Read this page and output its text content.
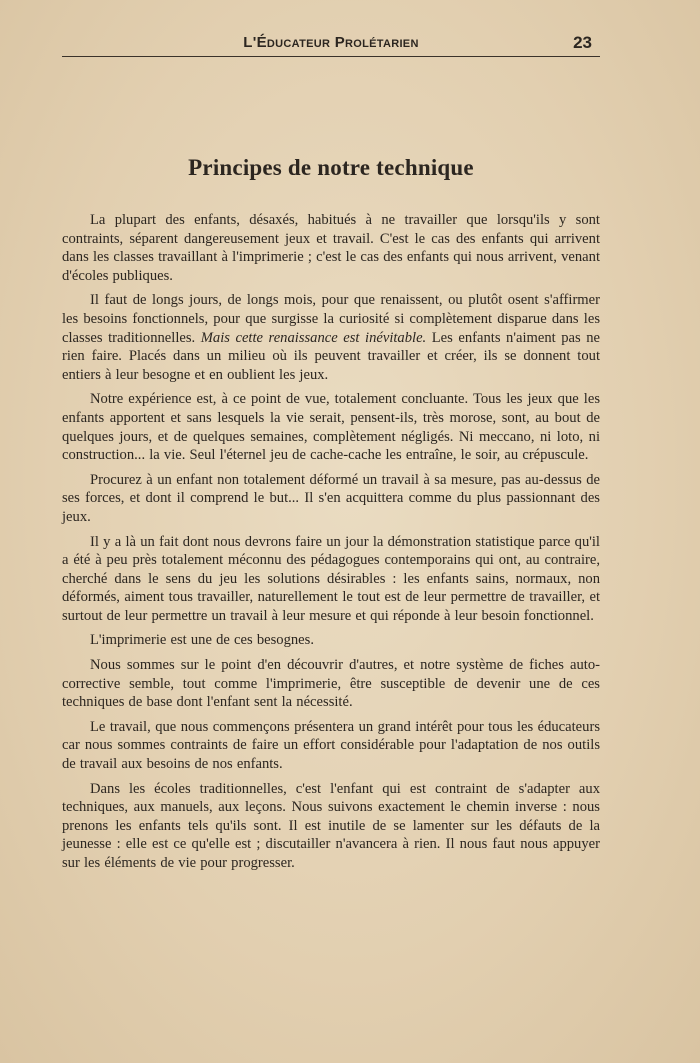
L'Éducateur Prolétarien	23
Principes de notre technique

La plupart des enfants, désaxés, habitués à ne travailler que lorsqu'ils y sont contraints, séparent dangereusement jeux et travail. C'est le cas des enfants qui arrivent dans les classes travaillant à l'imprimerie ; c'est le cas des enfants qui nous arrivent, venant d'écoles publiques.

Il faut de longs jours, de longs mois, pour que renaissent, ou plutôt osent s'affirmer les besoins fonctionnels, pour que surgisse la curiosité si complètement disparue dans les classes traditionnelles. Mais cette renaissance est inévitable. Les enfants n'aiment pas ne rien faire. Placés dans un milieu où ils peuvent travailler et créer, ils se donnent tout entiers à leur besogne et en oublient les jeux.

Notre expérience est, à ce point de vue, totalement concluante. Tous les jeux que les enfants apportent et sans lesquels la vie serait, pensent-ils, très morose, sont, au bout de quelques jours, et de quelques semaines, complètement négligés. Ni meccano, ni loto, ni construction... la vie. Seul l'éternel jeu de cache-cache les entraîne, le soir, au crépuscule.

Procurez à un enfant non totalement déformé un travail à sa mesure, pas au-dessus de ses forces, et dont il comprend le but... Il s'en acquittera comme du plus passionnant des jeux.

Il y a là un fait dont nous devrons faire un jour la démonstration statistique parce qu'il a été à peu près totalement méconnu des pédagogues contemporains qui ont, au contraire, cherché dans le sens du jeu les solutions désirables : les enfants sains, normaux, non déformés, aiment tous travailler, naturellement le tout est de leur permettre de travailler, et surtout de leur permettre un travail à leur mesure et qui réponde à leur besoin fonctionnel.

L'imprimerie est une de ces besognes.

Nous sommes sur le point d'en découvrir d'autres, et notre système de fiches auto-corrective semble, tout comme l'imprimerie, être susceptible de devenir une de ces techniques de base dont l'enfant sent la nécessité.

Le travail, que nous commençons présentera un grand intérêt pour tous les éducateurs car nous sommes contraints de faire un effort considérable pour l'adaptation de nos outils de travail aux besoins de nos enfants.

Dans les écoles traditionnelles, c'est l'enfant qui est contraint de s'adapter aux techniques, aux manuels, aux leçons. Nous suivons exactement le chemin inverse : nous prenons les enfants tels qu'ils sont. Il est inutile de se lamenter sur les défauts de la jeunesse : elle est ce qu'elle est ; discutailler n'avancera à rien. Il nous faut nous appuyer sur les éléments de vie pour progresser.
